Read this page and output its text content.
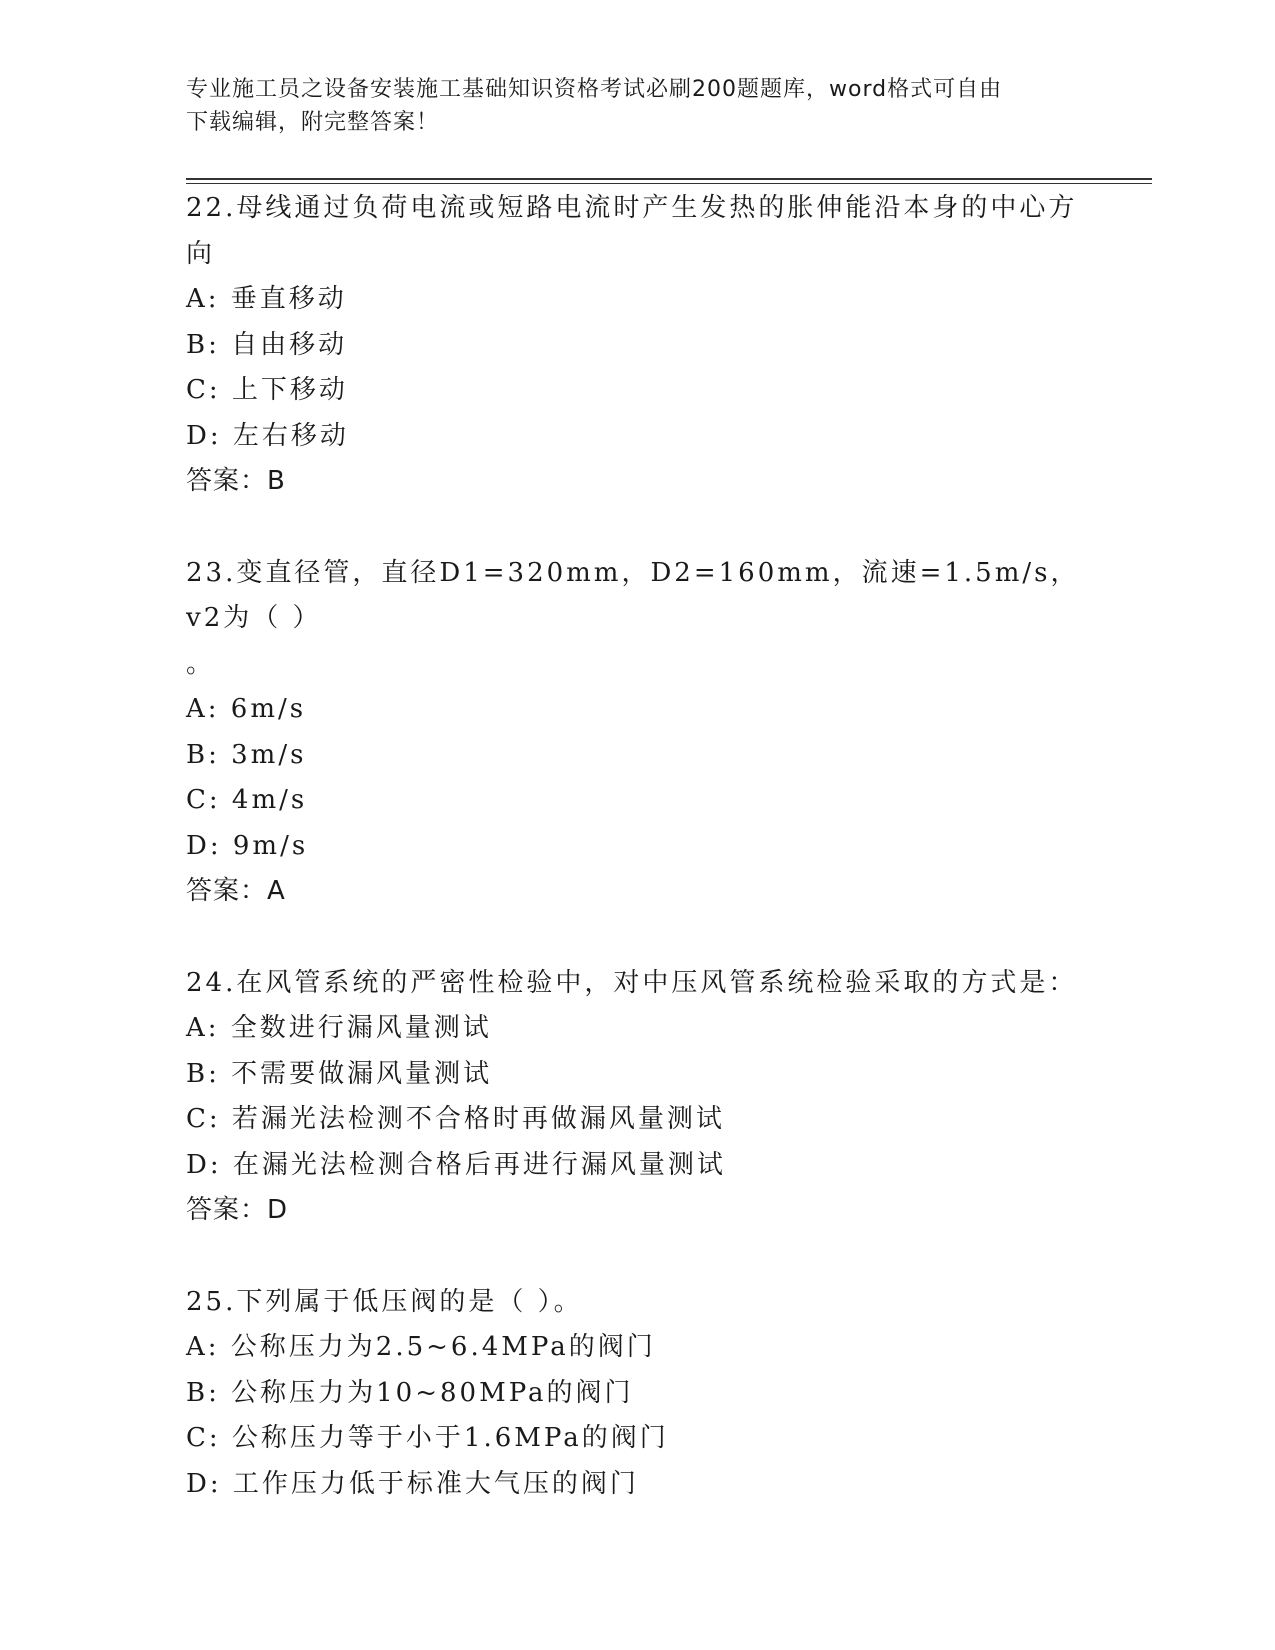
专业施工员之设备安装施工基础知识资格考试必刷200题题库，word格式可自由
下载编辑，附完整答案！
22.母线通过负荷电流或短路电流时产生发热的胀伸能沿本身的中心方
向
A: 垂直移动
B: 自由移动
C: 上下移动
D: 左右移动
答案：B
23.变直径管，直径D1=320mm，D2=160mm，流速=1.5m/s，v2为（ ）
。
A: 6m/s
B: 3m/s
C: 4m/s
D: 9m/s
答案：A
24.在风管系统的严密性检验中，对中压风管系统检验采取的方式是：
A: 全数进行漏风量测试
B: 不需要做漏风量测试
C: 若漏光法检测不合格时再做漏风量测试
D: 在漏光法检测合格后再进行漏风量测试
答案：D
25.下列属于低压阀的是（ ）。
A: 公称压力为2.5~6.4MPa的阀门
B: 公称压力为10~80MPa的阀门
C: 公称压力等于小于1.6MPa的阀门
D: 工作压力低于标准大气压的阀门
